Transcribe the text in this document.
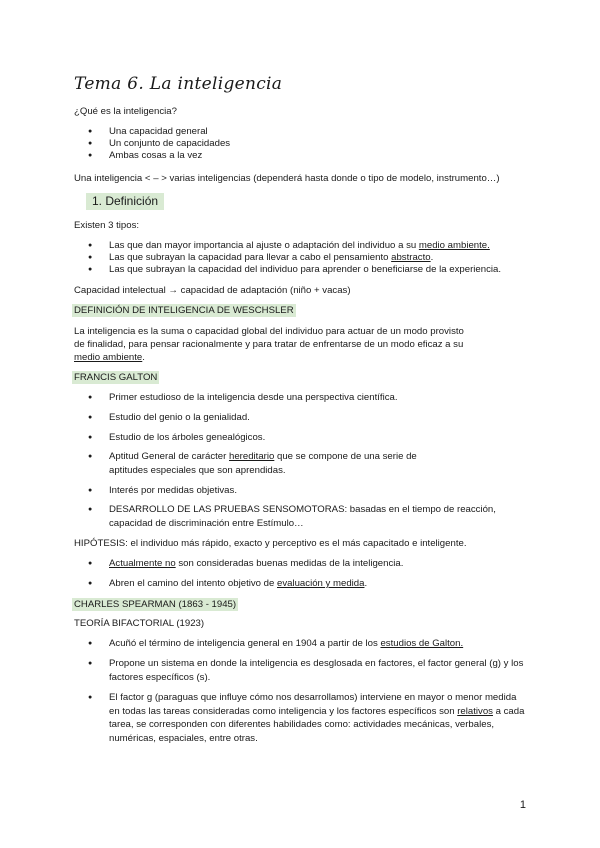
Tema 6. La inteligencia
¿Qué es la inteligencia?
● Una capacidad general
● Un conjunto de capacidades
● Ambas cosas a la vez
Una inteligencia < – > varias inteligencias (dependerá hasta donde o tipo de modelo, instrumento…)
1. Definición
Existen 3 tipos:
● Las que dan mayor importancia al ajuste o adaptación del individuo a su medio ambiente.
● Las que subrayan la capacidad para llevar a cabo el pensamiento abstracto.
● Las que subrayan la capacidad del individuo para aprender o beneficiarse de la experiencia.
Capacidad intelectual → capacidad de adaptación (niño + vacas)
DEFINICIÓN DE INTELIGENCIA DE WESCHSLER
La inteligencia es la suma o capacidad global del individuo para actuar de un modo provisto
de finalidad, para pensar racionalmente y para tratar de enfrentarse de un modo eficaz a su
medio ambiente.
FRANCIS GALTON
● Primer estudioso de la inteligencia desde una perspectiva científica.
● Estudio del genio o la genialidad.
● Estudio de los árboles genealógicos.
● Aptitud General de carácter hereditario que se compone de una serie de aptitudes especiales que son aprendidas.
● Interés por medidas objetivas.
● DESARROLLO DE LAS PRUEBAS SENSOMOTORAS: basadas en el tiempo de reacción, capacidad de discriminación entre Estímulo…
HIPÓTESIS: el individuo más rápido, exacto y perceptivo es el más capacitado e inteligente.
● Actualmente no son consideradas buenas medidas de la inteligencia.
● Abren el camino del intento objetivo de evaluación y medida.
CHARLES SPEARMAN (1863 - 1945)
TEORÍA BIFACTORIAL (1923)
● Acuñó el término de inteligencia general en 1904 a partir de los estudios de Galton.
● Propone un sistema en donde la inteligencia es desglosada en factores, el factor general (g) y los factores específicos (s).
● El factor g (paraguas que influye cómo nos desarrollamos) interviene en mayor o menor medida en todas las tareas consideradas como inteligencia y los factores específicos son relativos a cada tarea, se corresponden con diferentes habilidades como: actividades mecánicas, verbales, numéricas, espaciales, entre otras.
1
